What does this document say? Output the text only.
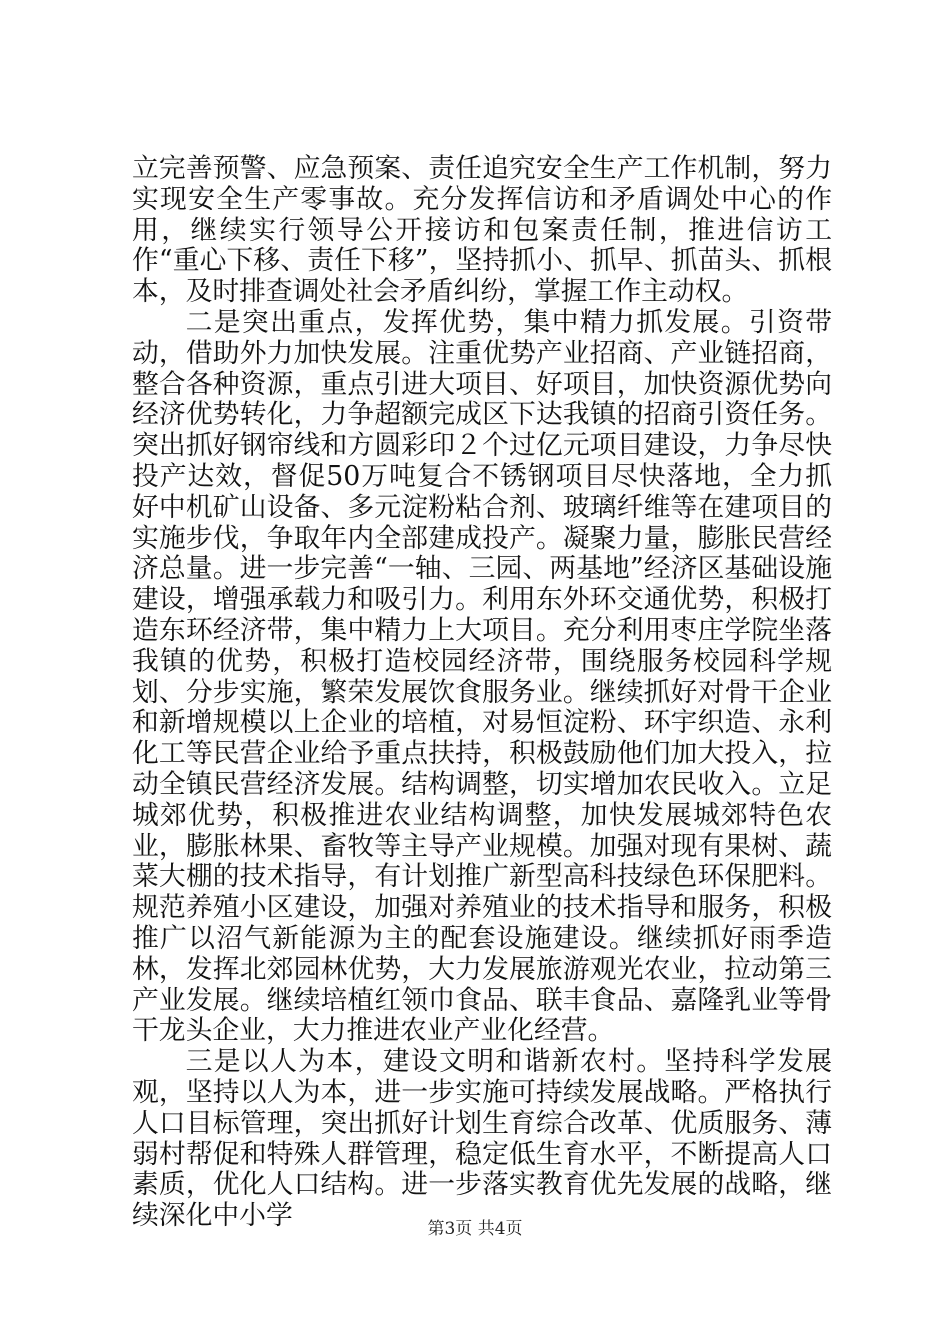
立完善预警、应急预案、责任追究安全生产工作机制，努力实现安全生产零事故。充分发挥信访和矛盾调处中心的作用，继续实行领导公开接访和包案责任制，推进信访工作“重心下移、责任下移”，坚持抓小、抓早、抓苗头、抓根本，及时排查调处社会矛盾纠纷，掌握工作主动权。

二是突出重点，发挥优势，集中精力抓发展。引资带动，借助外力加快发展。注重优势产业招商、产业链招商，整合各种资源，重点引进大项目、好项目，加快资源优势向经济优势转化，力争超额完成区下达我镇的招商引资任务。突出抓好钢帘线和方圆彩印２个过亿元项目建设，力争尽快投产达效，督促50万吨复合不锈钢项目尽快落地，全力抓好中机矿山设备、多元淀粉粘合剂、玻璃纤维等在建项目的实施步伐，争取年内全部建成投产。凝聚力量，膨胀民营经济总量。进一步完善“一轴、三园、两基地”经济区基础设施建设，增强承载力和吸引力。利用东外环交通优势，积极打造东环经济带，集中精力上大项目。充分利用枣庄学院坐落我镇的优势，积极打造校园经济带，围绕服务校园科学规划、分步实施，繁荣发展饮食服务业。继续抓好对骨干企业和新增规模以上企业的培植，对易恒淀粉、环宇织造、永利化工等民营企业给予重点扶持，积极鼓励他们加大投入，拉动全镇民营经济发展。结构调整，切实增加农民收入。立足城郊优势，积极推进农业结构调整，加快发展城郊特色农业，膨胀林果、畜牧等主导产业规模。加强对现有果树、蔬菜大棚的技术指导，有计划推广新型高科技绿色环保肥料。规范养殖小区建设，加强对养殖业的技术指导和服务，积极推广以沼气新能源为主的配套设施建设。继续抓好雨季造林，发挥北郊园林优势，大力发展旅游观光农业，拉动第三产业发展。继续培植红领巾食品、联丰食品、嘉隆乳业等骨干龙头企业，大力推进农业产业化经营。

三是以人为本，建设文明和谐新农村。坚持科学发展观，坚持以人为本，进一步实施可持续发展战略。严格执行人口目标管理，突出抓好计划生育综合改革、优质服务、薄弱村帮促和特殊人群管理，稳定低生育水平，不断提高人口素质，优化人口结构。进一步落实教育优先发展的战略，继续深化中小学	第3页 共4页
